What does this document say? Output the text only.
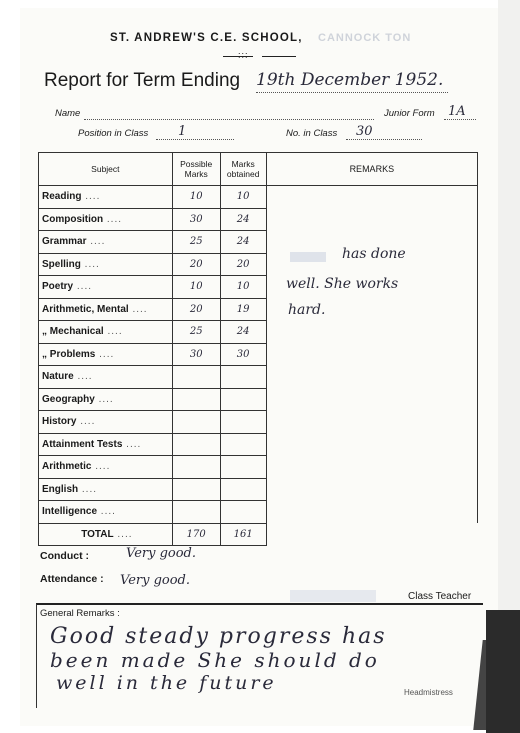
ST. ANDREW'S C.E. SCHOOL, CANNOCK TON
:::
Report for Term Ending 19th December 1952.
Name	Junior Form 1A
Position in Class 1	No. in Class 30
Subject	Possible Marks	Marks obtained	REMARKS
Reading ....	10	10	
Composition ....	30	24	
Grammar ....	25	24	
Spelling ....	20	20	
Poetry ....	10	10	
Arithmetic, Mental ....	20	19	
„ Mechanical ....	25	24	
„ Problems ....	30	30	
Nature ....			
Geography ....			
History ....			
Attainment Tests ....			
Arithmetic ....			
English ....			
Intelligence ....			
TOTAL ....	170	161	
has done
well. She works
hard.
Conduct :	Very good.
Attendance : Very good.
Class Teacher
General Remarks :
Good steady progress has
been made She should do
well in the future	Headmistress
